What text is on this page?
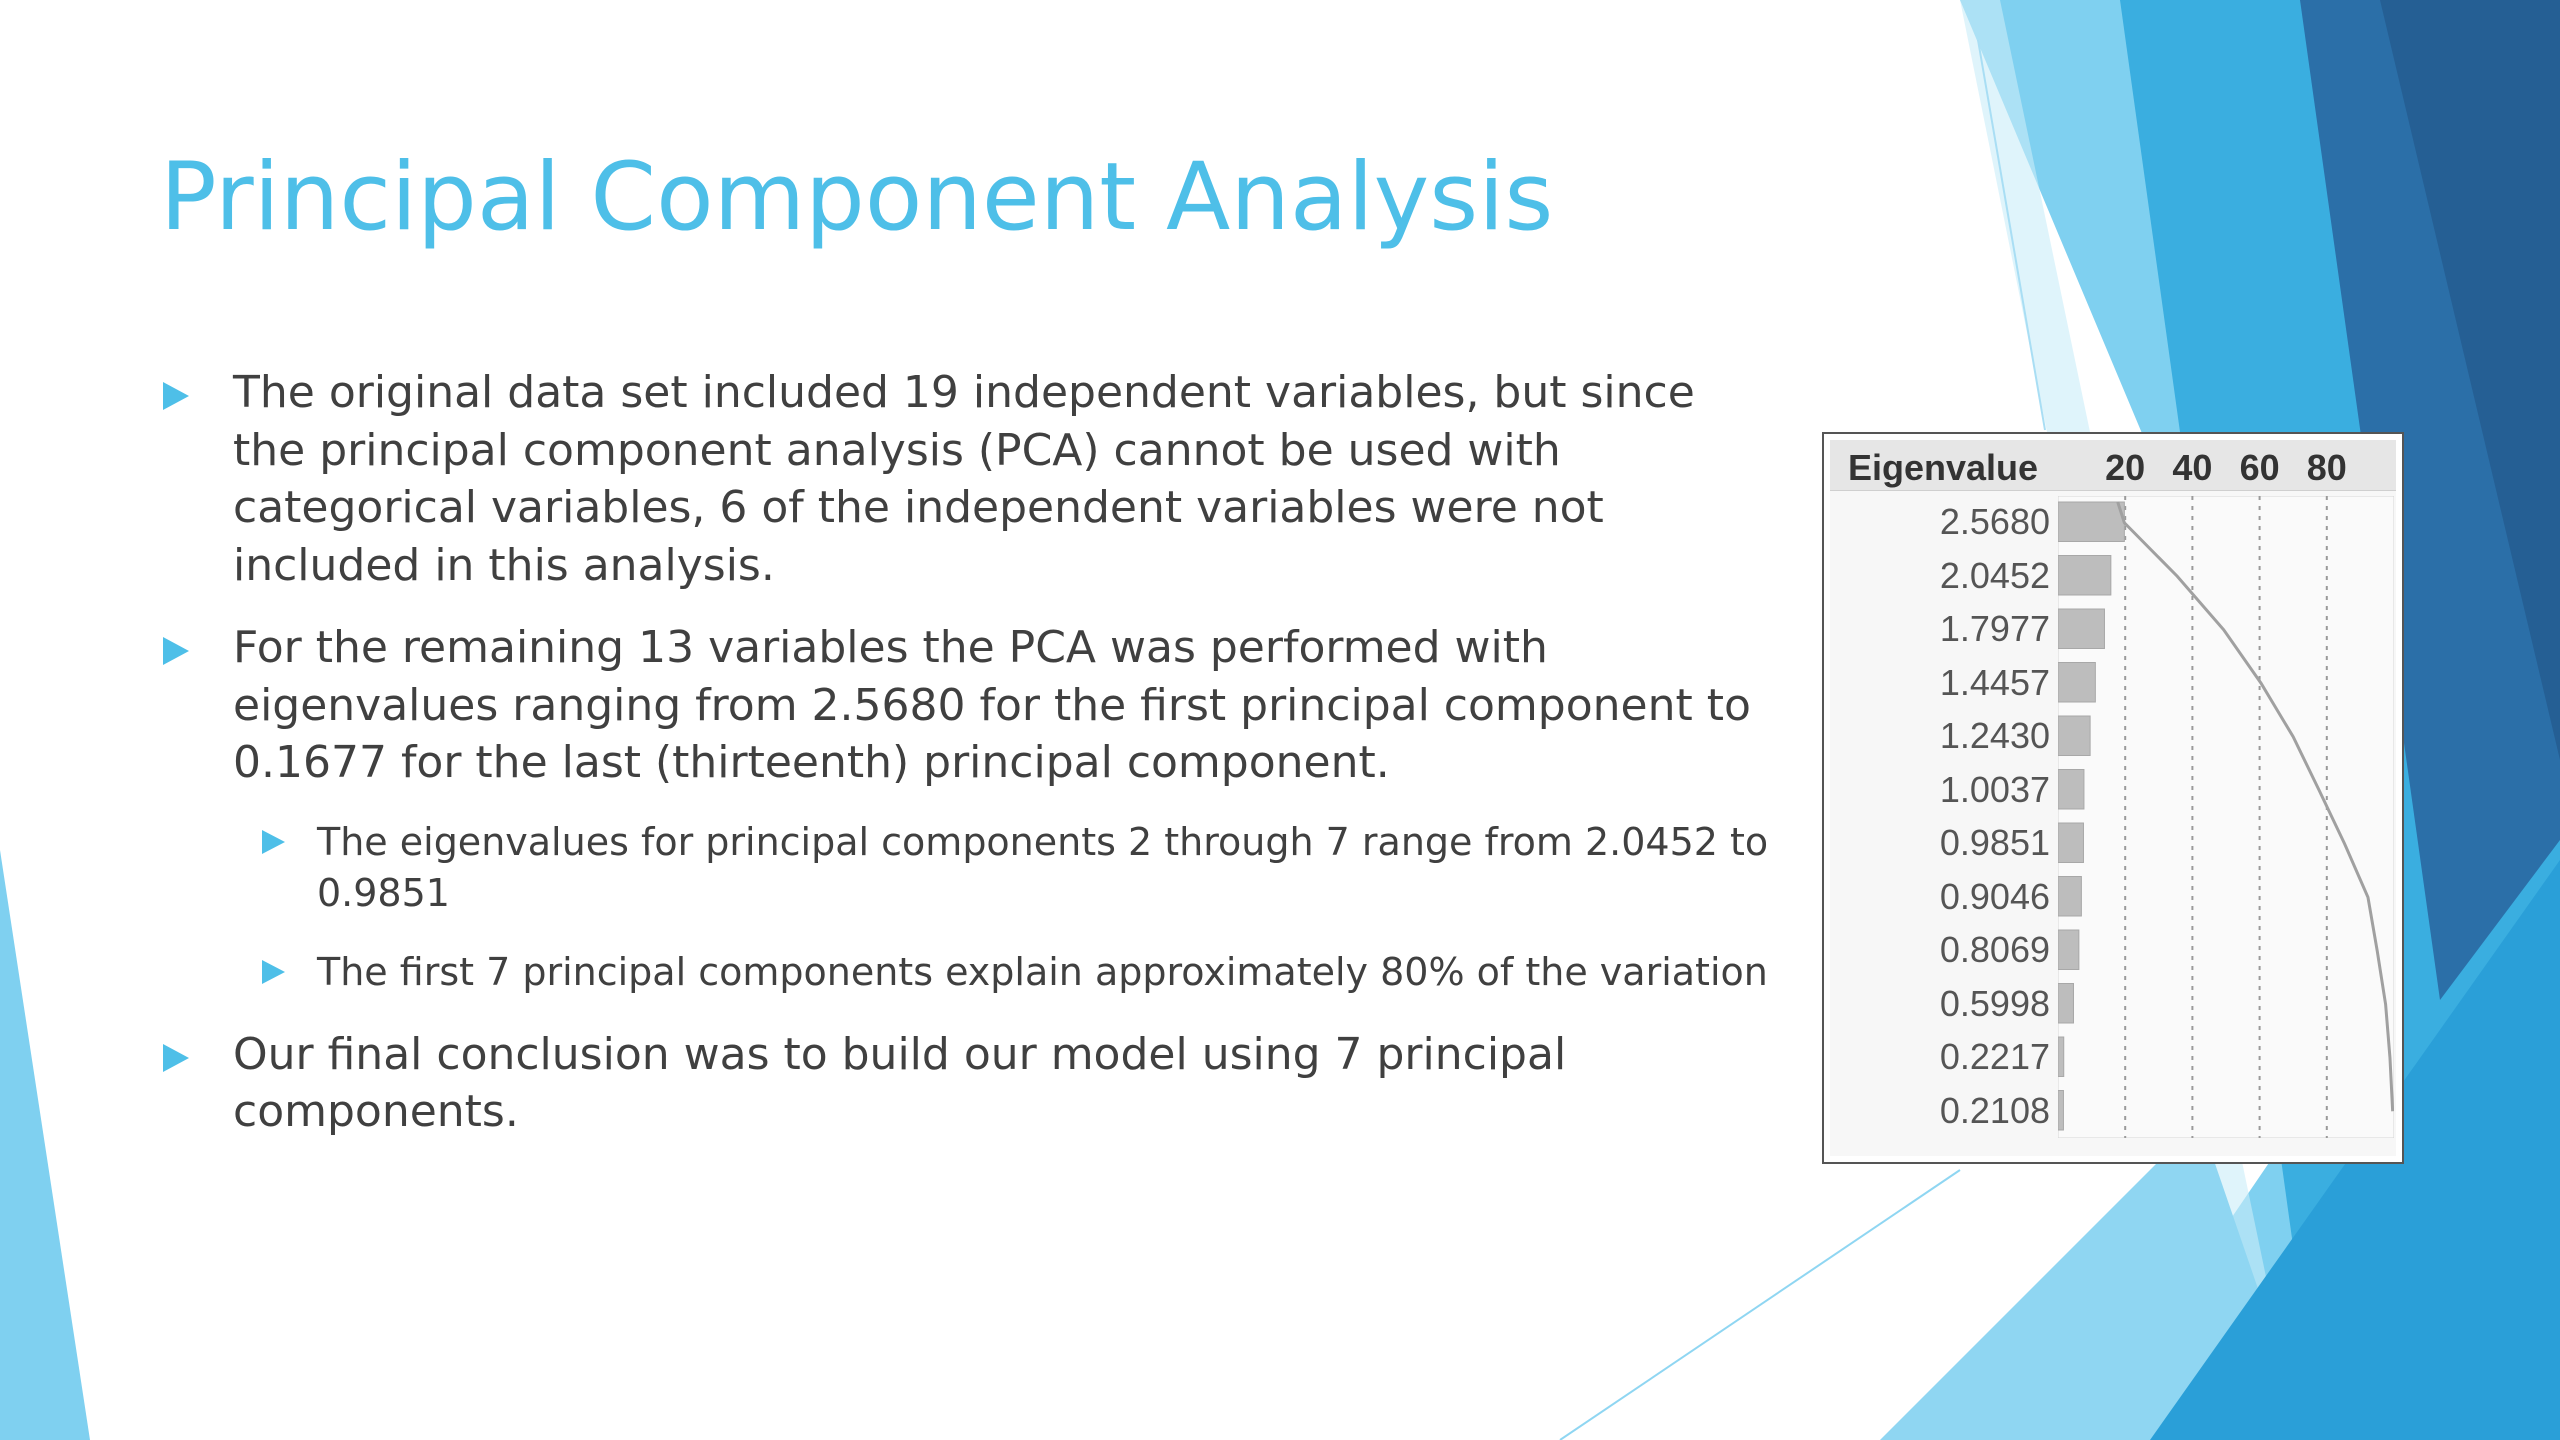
Principal Component Analysis
The original data set included 19 independent variables, but since the principal component analysis (PCA) cannot be used with categorical variables, 6 of the independent variables were not included in this analysis.
For the remaining 13 variables the PCA was performed with eigenvalues ranging from 2.5680 for the first principal component to 0.1677 for the last (thirteenth) principal component.
The eigenvalues for principal components 2 through 7 range from 2.0452 to 0.9851
The first 7 principal components explain approximately 80% of the variation
Our final conclusion was to build our model using 7 principal components.
Eigenvalue 20 40 60 80
2.5680
2.0452
1.7977
1.4457
1.2430
1.0037
0.9851
0.9046
0.8069
0.5998
0.2217
0.2108
